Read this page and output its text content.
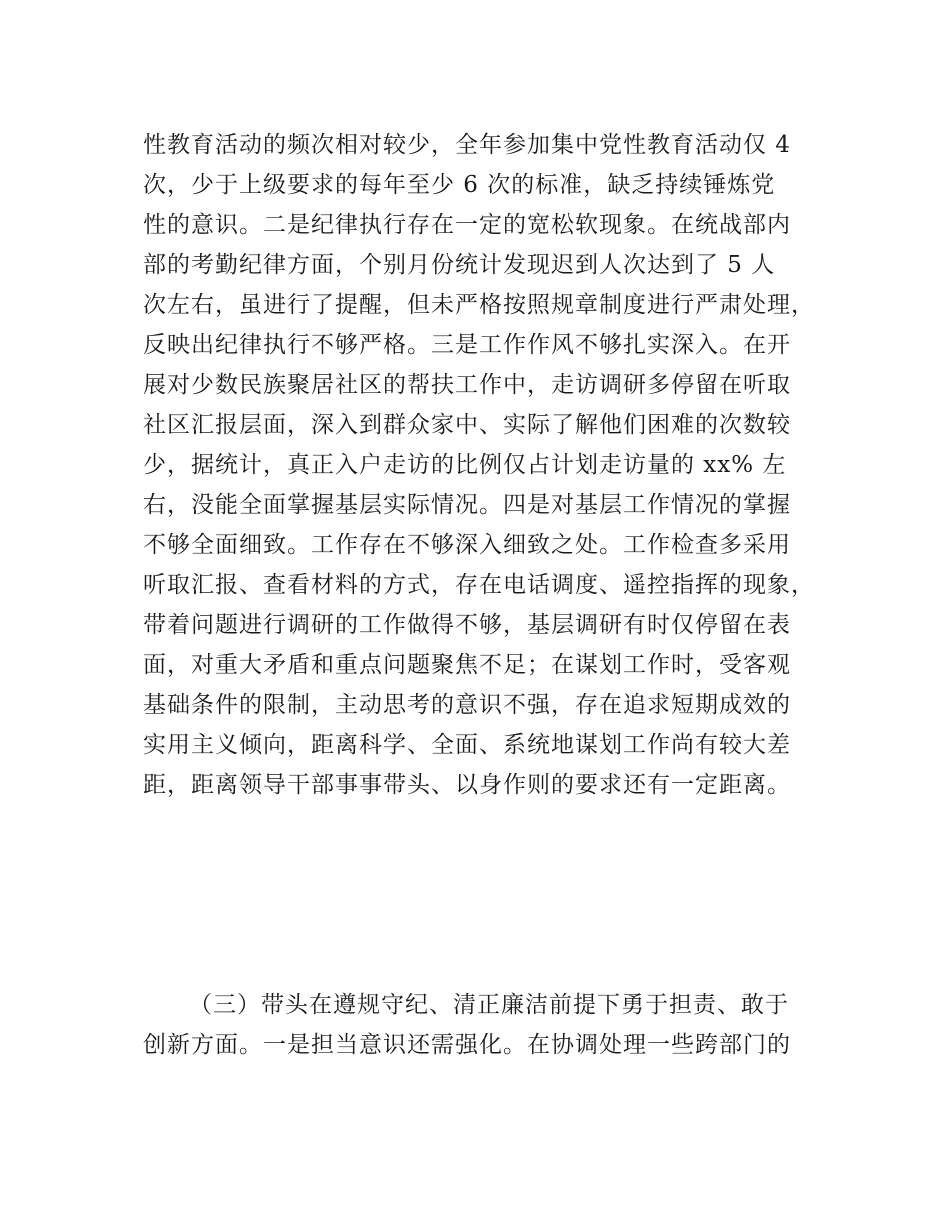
性教育活动的频次相对较少，全年参加集中党性教育活动仅 4
次，少于上级要求的每年至少 6 次的标准，缺乏持续锤炼党
性的意识。二是纪律执行存在一定的宽松软现象。在统战部内
部的考勤纪律方面，个别月份统计发现迟到人次达到了 5 人
次左右，虽进行了提醒，但未严格按照规章制度进行严肃处理，
反映出纪律执行不够严格。三是工作作风不够扎实深入。在开
展对少数民族聚居社区的帮扶工作中，走访调研多停留在听取
社区汇报层面，深入到群众家中、实际了解他们困难的次数较
少，据统计，真正入户走访的比例仅占计划走访量的 xx% 左
右，没能全面掌握基层实际情况。四是对基层工作情况的掌握
不够全面细致。工作存在不够深入细致之处。工作检查多采用
听取汇报、查看材料的方式，存在电话调度、遥控指挥的现象，
带着问题进行调研的工作做得不够，基层调研有时仅停留在表
面，对重大矛盾和重点问题聚焦不足；在谋划工作时，受客观
基础条件的限制，主动思考的意识不强，存在追求短期成效的
实用主义倾向，距离科学、全面、系统地谋划工作尚有较大差
距，距离领导干部事事带头、以身作则的要求还有一定距离。
（三）带头在遵规守纪、清正廉洁前提下勇于担责、敢于
创新方面。一是担当意识还需强化。在协调处理一些跨部门的
